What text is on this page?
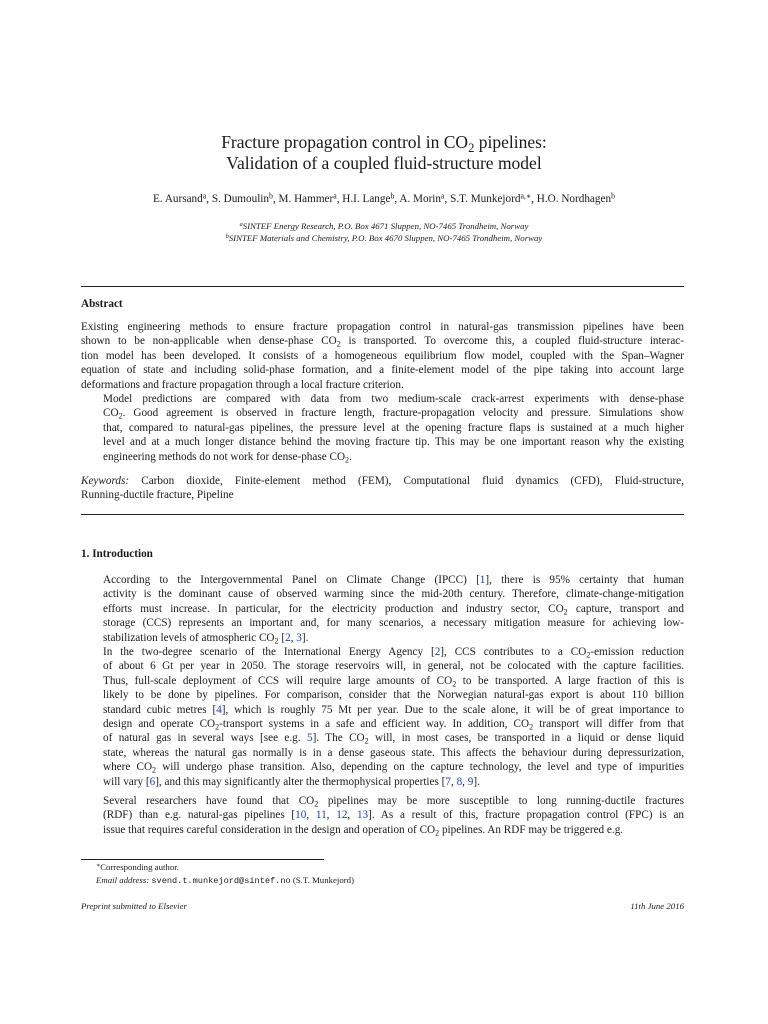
Fracture propagation control in $CO_2$ pipelines:
Validation of a coupled fluid-structure model
E. Aursand$^a$, S. Dumoulin$^b$, M. Hammer$^a$, H.I. Lange$^b$, A. Morin$^a$, S.T. Munkejord$^{a,∗}$, H.O. Nordhagen$^b$
$^a$SINTEF Energy Research, P.O. Box 4671 Sluppen, NO-7465 Trondheim, Norway
$^b$SINTEF Materials and Chemistry, P.O. Box 4670 Sluppen, NO-7465 Trondheim, Norway
Abstract
Existing engineering methods to ensure fracture propagation control in natural-gas transmission pipelines have been
shown to be non-applicable when dense-phase $CO_2$ is transported. To overcome this, a coupled fluid-structure interac-
tion model has been developed. It consists of a homogeneous equilibrium flow model, coupled with the Span–Wagner
equation of state and including solid-phase formation, and a finite-element model of the pipe taking into account large
deformations and fracture propagation through a local fracture criterion.
Model predictions are compared with data from two medium-scale crack-arrest experiments with dense-phase
$CO_2$. Good agreement is observed in fracture length, fracture-propagation velocity and pressure. Simulations show
that, compared to natural-gas pipelines, the pressure level at the opening fracture flaps is sustained at a much higher
level and at a much longer distance behind the moving fracture tip. This may be one important reason why the existing
engineering methods do not work for dense-phase $CO_2$.
Keywords: Carbon dioxide, Finite-element method (FEM), Computational fluid dynamics (CFD), Fluid-structure,
Running-ductile fracture, Pipeline
1. Introduction
According to the Intergovernmental Panel on Climate Change (IPCC) [1], there is 95% certainty that human
activity is the dominant cause of observed warming since the mid-20th century. Therefore, climate-change-mitigation
efforts must increase. In particular, for the electricity production and industry sector, $CO_2$ capture, transport and
storage (CCS) represents an important and, for many scenarios, a necessary mitigation measure for achieving low-
stabilization levels of atmospheric $CO_2$ [2, 3].
In the two-degree scenario of the International Energy Agency [2], CCS contributes to a $CO_2$-emission reduction
of about 6 Gt per year in 2050. The storage reservoirs will, in general, not be colocated with the capture facilities.
Thus, full-scale deployment of CCS will require large amounts of $CO_2$ to be transported. A large fraction of this is
likely to be done by pipelines. For comparison, consider that the Norwegian natural-gas export is about 110 billion
standard cubic metres [4], which is roughly 75 Mt per year. Due to the scale alone, it will be of great importance to
design and operate $CO_2$-transport systems in a safe and efficient way. In addition, $CO_2$ transport will differ from that
of natural gas in several ways [see e.g. 5]. The $CO_2$ will, in most cases, be transported in a liquid or dense liquid
state, whereas the natural gas normally is in a dense gaseous state. This affects the behaviour during depressurization,
where $CO_2$ will undergo phase transition. Also, depending on the capture technology, the level and type of impurities
will vary [6], and this may significantly alter the thermophysical properties [7, 8, 9].
Several researchers have found that $CO_2$ pipelines may be more susceptible to long running-ductile fractures
(RDF) than e.g. natural-gas pipelines [10, 11, 12, 13]. As a result of this, fracture propagation control (FPC) is an
issue that requires careful consideration in the design and operation of $CO_2$ pipelines. An RDF may be triggered e.g.
∗Corresponding author.
Email address: svend.t.munkejord@sintef.no (S.T. Munkejord)
Preprint submitted to Elsevier	11th June 2016
